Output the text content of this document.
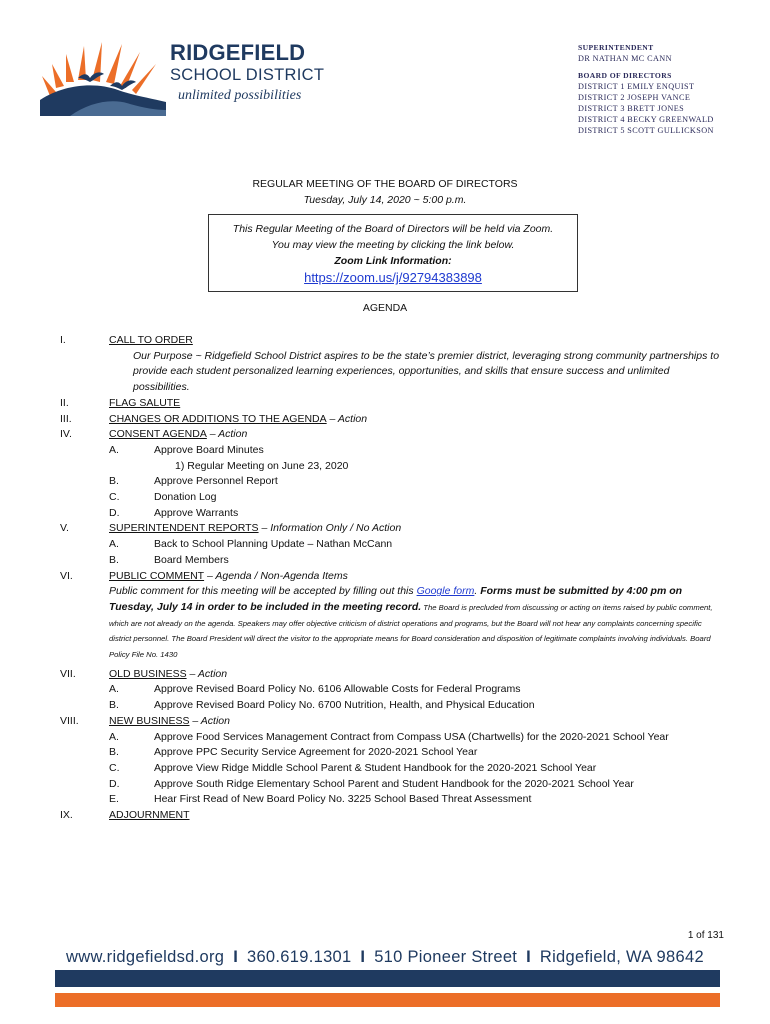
RIDGEFIELD
SCHOOL DISTRICT
unlimited possibilities
SUPERINTENDENT
DR NATHAN MC CANN
BOARD OF DIRECTORS
DISTRICT 1 EMILY ENQUIST
DISTRICT 2 JOSEPH VANCE
DISTRICT 3 BRETT JONES
DISTRICT 4 BECKY GREENWALD
DISTRICT 5 SCOTT GULLICKSON
REGULAR MEETING OF THE BOARD OF DIRECTORS
Tuesday, July 14, 2020 ~ 5:00 p.m.
This Regular Meeting of the Board of Directors will be held via Zoom.
You may view the meeting by clicking the link below.
Zoom Link Information:
https://zoom.us/j/92794383898
AGENDA
I.	CALL TO ORDER
Our Purpose ~ Ridgefield School District aspires to be the state’s premier district, leveraging strong community partnerships to provide each student personalized learning experiences, opportunities, and skills that ensure success and unlimited possibilities.
II.	FLAG SALUTE
III.	CHANGES OR ADDITIONS TO THE AGENDA – Action
IV.	CONSENT AGENDA – Action
A.	Approve Board Minutes
1) Regular Meeting on June 23, 2020
B.	Approve Personnel Report
C.	Donation Log
D.	Approve Warrants
V.	SUPERINTENDENT REPORTS – Information Only / No Action
A.	Back to School Planning Update – Nathan McCann
B.	Board Members
VI.	PUBLIC COMMENT – Agenda / Non-Agenda Items
Public comment for this meeting will be accepted by filling out this Google form. Forms must be submitted by 4:00 pm on Tuesday, July 14 in order to be included in the meeting record. The Board is precluded from discussing or acting on items raised by public comment, which are not already on the agenda. Speakers may offer objective criticism of district operations and programs, but the Board will not hear any complaints concerning specific district personnel. The Board President will direct the visitor to the appropriate means for Board consideration and disposition of legitimate complaints involving individuals. Board Policy File No. 1430
VII.	OLD BUSINESS – Action
A.	Approve Revised Board Policy No. 6106 Allowable Costs for Federal Programs
B.	Approve Revised Board Policy No. 6700 Nutrition, Health, and Physical Education
VIII.	NEW BUSINESS – Action
A.	Approve Food Services Management Contract from Compass USA (Chartwells) for the 2020-2021 School Year
B.	Approve PPC Security Service Agreement for 2020-2021 School Year
C.	Approve View Ridge Middle School Parent & Student Handbook for the 2020-2021 School Year
D.	Approve South Ridge Elementary School Parent and Student Handbook for the 2020-2021 School Year
E.	Hear First Read of New Board Policy No. 3225 School Based Threat Assessment
IX.	ADJOURNMENT
1 of 131
www.ridgefieldsd.org I 360.619.1301 I 510 Pioneer Street I Ridgefield, WA 98642
